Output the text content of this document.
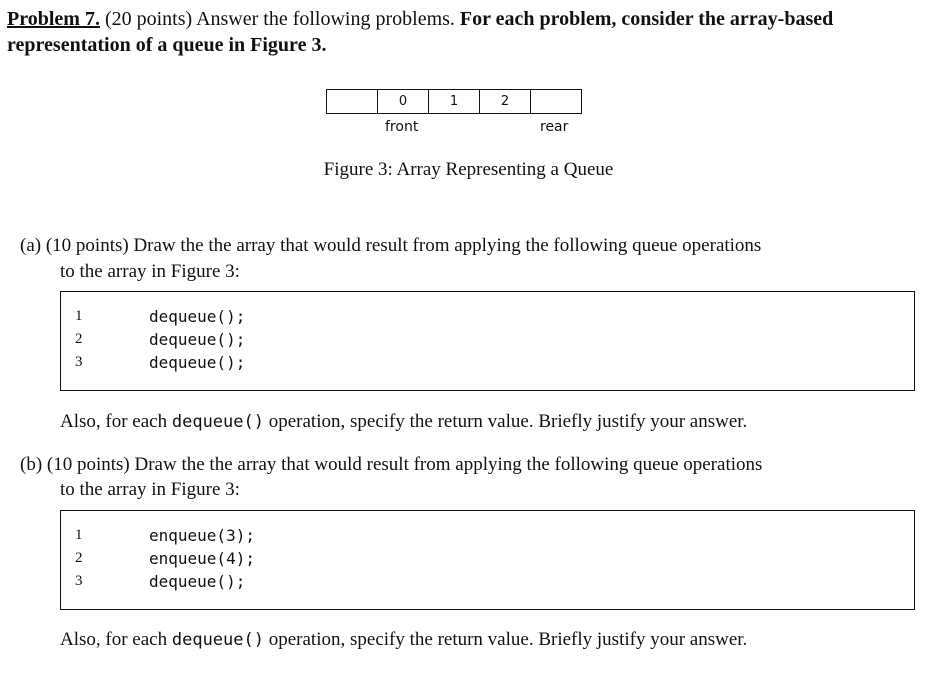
Problem 7. (20 points) Answer the following problems. For each problem, consider the array-based representation of a queue in Figure 3.
0	1	2
front	rear
Figure 3: Array Representing a Queue
(a) (10 points) Draw the the array that would result from applying the following queue operations
to the array in Figure 3:
1	dequeue();
2	dequeue();
3	dequeue();
Also, for each dequeue() operation, specify the return value. Briefly justify your answer.
(b) (10 points) Draw the the array that would result from applying the following queue operations
to the array in Figure 3:
1	enqueue(3);
2	enqueue(4);
3	dequeue();
Also, for each dequeue() operation, specify the return value. Briefly justify your answer.
